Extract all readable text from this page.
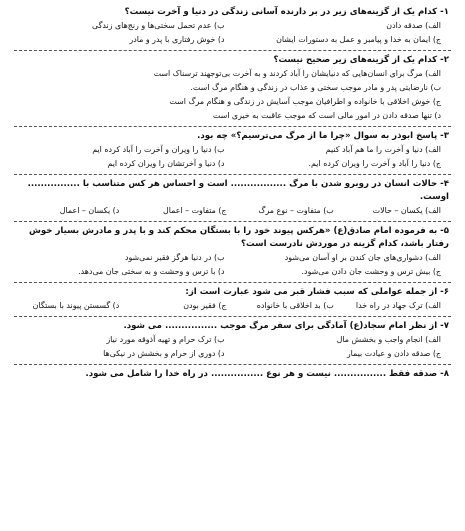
۱- کدام یک از گزینه‌های زیر در بر دارنده آسانی زندگی در دنیا و آخرت نیست؟

الف) صدقه دادن
ب) عدم تحمل سختی‌ها و رنج‌های زندگی
ج) ایمان به خدا و پیامبر و عمل به دستورات ایشان
د) خوش رفتاری با پدر و مادر

۲- کدام یک از گزینه‌های زیر صحیح نیست؟

الف) مرگ برای انسان‌هایی که دنیایشان را آباد کردند و به آخرت بی‌توجهند ترسناک است
ب) نارضایتی پدر و مادر موجب سختی و عذاب در زندگی و هنگام مرگ است.
ج) خوش اخلاقی با خانواده و اطرافیان موجب آسایش در زندگی و هنگام مرگ است
د) تنها صدقه دادن در امور مالی است که موجب عاقبت به خیری است

۳- پاسخ ابوذر به سوال «چرا ما از مرگ می‌ترسیم؟» چه بود.

الف) دنیا و آخرت را ما هم آباد کنیم
ب) دنیا را ویران و آخرت را آباد کرده ایم
ج) دنیا را آباد و آخرت را ویران کرده ایم.
د) دنیا و آخرتشان را ویران کرده ایم

۴- حالات انسان در روبرو شدن با مرگ ................. است و احساس هر کس متناسب با ................ اوست.

الف) یکسان – حالات
ب) متفاوت – نوع مرگ
ج) متفاوت – اعمال
د) یکسان – اعمال

۵- به فرموده امام صادق(ع) «هرکس پیوند خود را با بستگان محکم کند و با پدر و مادرش بسیار خوش رفتار باشد، کدام گزینه در موردش نادرست است؟

الف) دشواری‌های جان کندن بر او آسان می‌شود
ب) در دنیا هرگز فقیر نمی‌شود
ج) بیش ترس و وحشت جان دادن می‌شود.
د) با ترس و وحشت و به سختی جان می‌دهد.

۶- از جمله عواملی که سبب فشار قبر می شود عبارت است از:

الف) ترک جهاد در راه خدا
ب) بد اخلاقی با خانواده
ج) فقیر بودن
د) گسستن پیوند با بستگان

۷- از نظر امام سجاد(ع) آمادگی برای سفر مرگ موجب ................ می شود.

الف) انجام واجب و بخشش مال
ب) ترک حرام و تهیه آذوقه مورد نیاز
ج) صدقه دادن و عیادت بیمار
د) دوری از حرام و بخشش در نیکی‌ها

۸- صدقه فقط ................ نیست و هر نوع ................ در راه خدا را شامل می شود.
